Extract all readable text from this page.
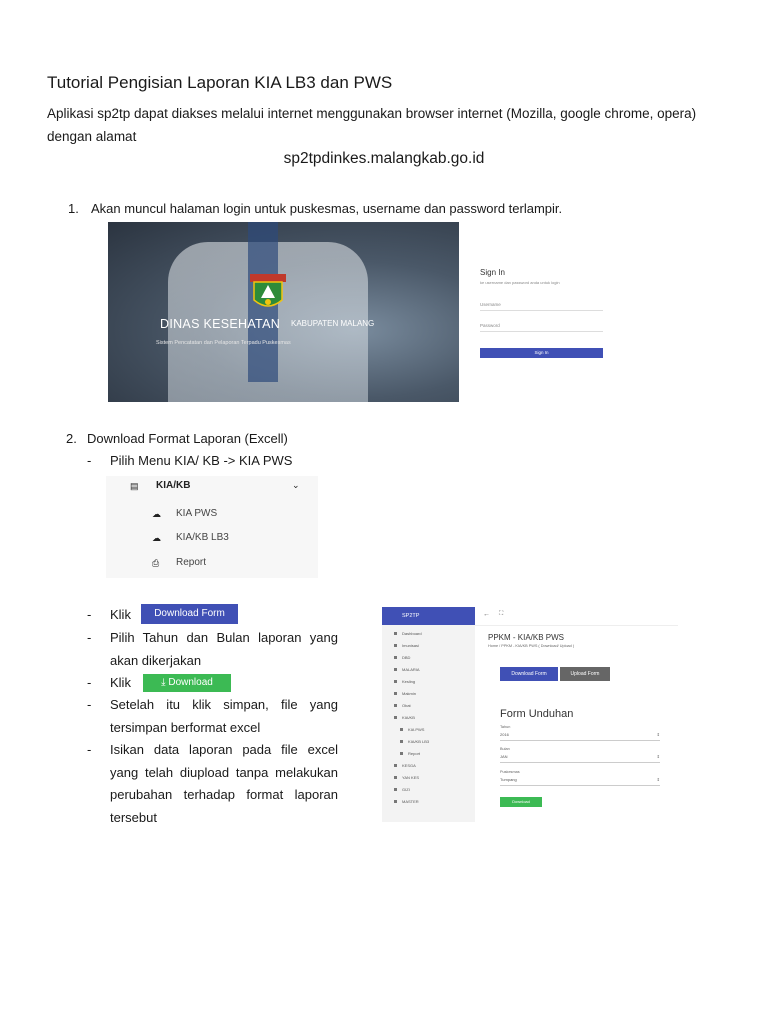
Tutorial Pengisian Laporan KIA LB3 dan PWS
Aplikasi sp2tp dapat diakses melalui internet menggunakan browser internet (Mozilla, google chrome, opera) dengan alamat
sp2tpdinkes.malangkab.go.id
1. Akan muncul halaman login untuk puskesmas, username dan password terlampir.
DINAS KESEHATAN KABUPATEN MALANG
Sistem Pencatatan dan Pelaporan Terpadu Puskesmas
Sign In
ke username dan password anda untuk login
Username
Password
Sign In
2. Download Format Laporan (Excell)
- Pilih Menu KIA/ KB -> KIA PWS
▤ KIA/KB	⌄
☁ KIA PWS
☁ KIA/KB LB3
⎙ Report
- Klik	Download Form
- Pilih Tahun dan Bulan laporan yang akan dikerjakan
- Klik	⤓ Download
- Setelah itu klik simpan, file yang tersimpan berformat excel
- Isikan data laporan pada file excel yang telah diupload tanpa melakukan perubahan terhadap format laporan tersebut
SP2TP	← ⛶
Dashboard
Imunisasi
DBD
MALARIA
Kesling
Makmin
Obat
KIA/KB
KIA PWS
KIA/KB LB3
Report
KESGA
YAN KES
GIZI
MASTER
PPKM - KIA/KB PWS
Home / PPKM - KIA/KB PWS ( Download/ Upload )
Download Form	Upload Form
Form Unduhan
Tahun
2016	⇕
Bulan
JAN	⇕
Puskesmas
Tumpang	⇕
Download
